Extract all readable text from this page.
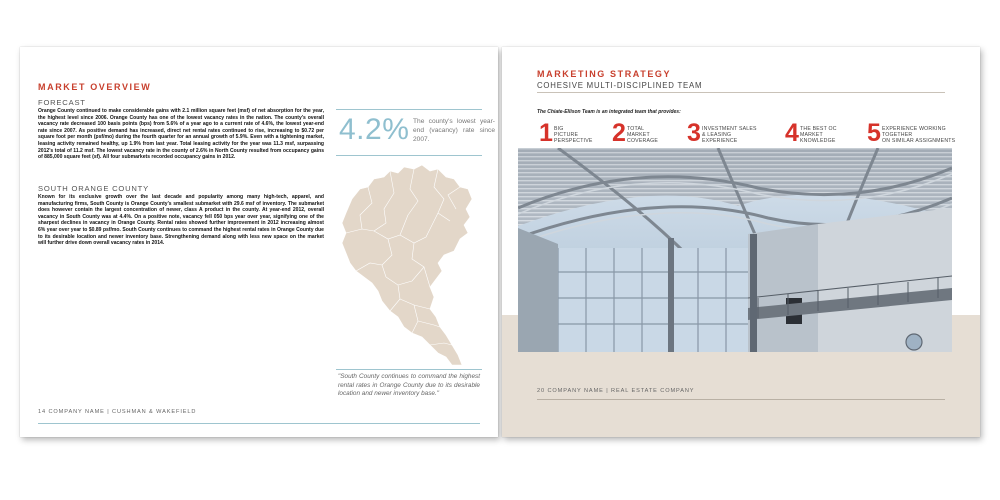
MARKET OVERVIEW
FORECAST

Orange County continued to make considerable gains with 2.1 million square feet (msf) of net absorption for the year, the highest level since 2006. Orange County has one of the lowest vacancy rates in the nation. The county's overall vacancy rate decreased 100 basis points (bps) from 5.6% of a year ago to a current rate of 4.6%, the lowest year-end rate since 2007. As positive demand has increased, direct net rental rates continued to rise, increasing to $0.72 per square foot per month (psf/mo) during the fourth quarter for an annual growth of 5.9%. Even with a tightening market, leasing activity remained healthy, up 1.9% from last year. Total leasing activity for the year was 11.3 msf, surpassing 2012's total of 11.2 msf. The lowest vacancy rate in the county of 2.6% in North County resulted from occupancy gains of 885,000 square feet (sf). All four submarkets recorded occupancy gains in 2012.

SOUTH ORANGE COUNTY

Known for its exclusive growth over the last decade and popularity among many high-tech, apparel, and manufacturing firms, South County is Orange County's smallest submarket with 29.6 msf of inventory. The submarket does however contain the largest concentration of newer, class A product in the county. At year-end 2012, overall vacancy in South County was at 4.4%. On a positive note, vacancy fell 050 bps year over year, signifying one of the sharpest declines in vacancy in Orange County. Rental rates showed further improvement in 2012 increasing almost 6% year over year to $0.89 psf/mo. South County continues to command the highest rental rates in Orange County due to its desirable location and newer inventory base. Strengthening demand along with less new space on the market will further drive down overall vacancy rates in 2014.

4.2% The county's lowest year-end (vacancy) rate since 2007.

"South County continues to command the highest rental rates in Orange County due to its desirable location and newer inventory base."

14 COMPANY NAME | CUSHMAN & WAKEFIELD
MARKETING STRATEGY
COHESIVE MULTI-DISCIPLINED TEAM
The Chiate-Ellison Team is an integrated team that provides:
1 BIG
PICTURE
PERSPECTIVE 2 TOTAL
MARKET
COVERAGE 3 INVESTMENT SALES
& LEASING
EXPERIENCE	4 THE BEST OC
MARKET
KNOWLEDGE 5 EXPERIENCE WORKING
TOGETHER
ON SIMILAR ASSIGNMENTS
20 COMPANY NAME | REAL ESTATE COMPANY
